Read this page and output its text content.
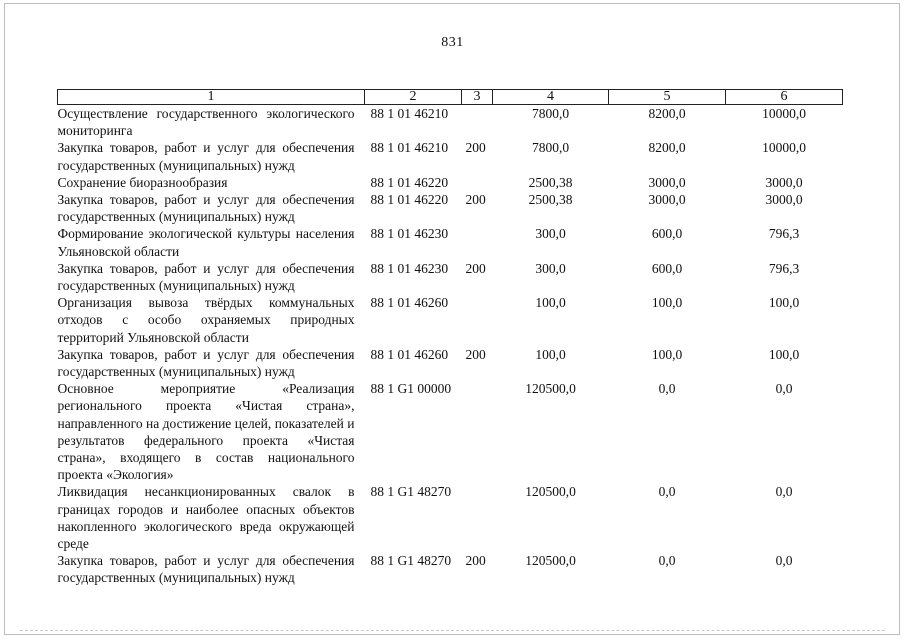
831
1	2	3	4	5	6
Осуществление государственного экологического мониторинга	88 1 01 46210		7800,0	8200,0	10000,0
Закупка товаров, работ и услуг для обеспечения государственных (муниципальных) нужд	88 1 01 46210	200	7800,0	8200,0	10000,0
Сохранение биоразнообразия	88 1 01 46220		2500,38	3000,0	3000,0
Закупка товаров, работ и услуг для обеспечения государственных (муниципальных) нужд	88 1 01 46220	200	2500,38	3000,0	3000,0
Формирование экологической культуры населения Ульяновской области	88 1 01 46230		300,0	600,0	796,3
Закупка товаров, работ и услуг для обеспечения государственных (муниципальных) нужд	88 1 01 46230	200	300,0	600,0	796,3
Организация вывоза твёрдых коммунальных отходов с особо охраняемых природных территорий Ульяновской области	88 1 01 46260		100,0	100,0	100,0
Закупка товаров, работ и услуг для обеспечения государственных (муниципальных) нужд	88 1 01 46260	200	100,0	100,0	100,0
Основное мероприятие «Реализация регионального проекта «Чистая страна», направленного на достижение целей, показателей и результатов федерального проекта «Чистая страна», входящего в состав национального проекта «Экология»	88 1 G1 00000		120500,0	0,0	0,0
Ликвидация несанкционированных свалок в границах городов и наиболее опасных объектов накопленного экологического вреда окружающей среде	88 1 G1 48270		120500,0	0,0	0,0
Закупка товаров, работ и услуг для обеспечения государственных (муниципальных) нужд	88 1 G1 48270	200	120500,0	0,0	0,0
